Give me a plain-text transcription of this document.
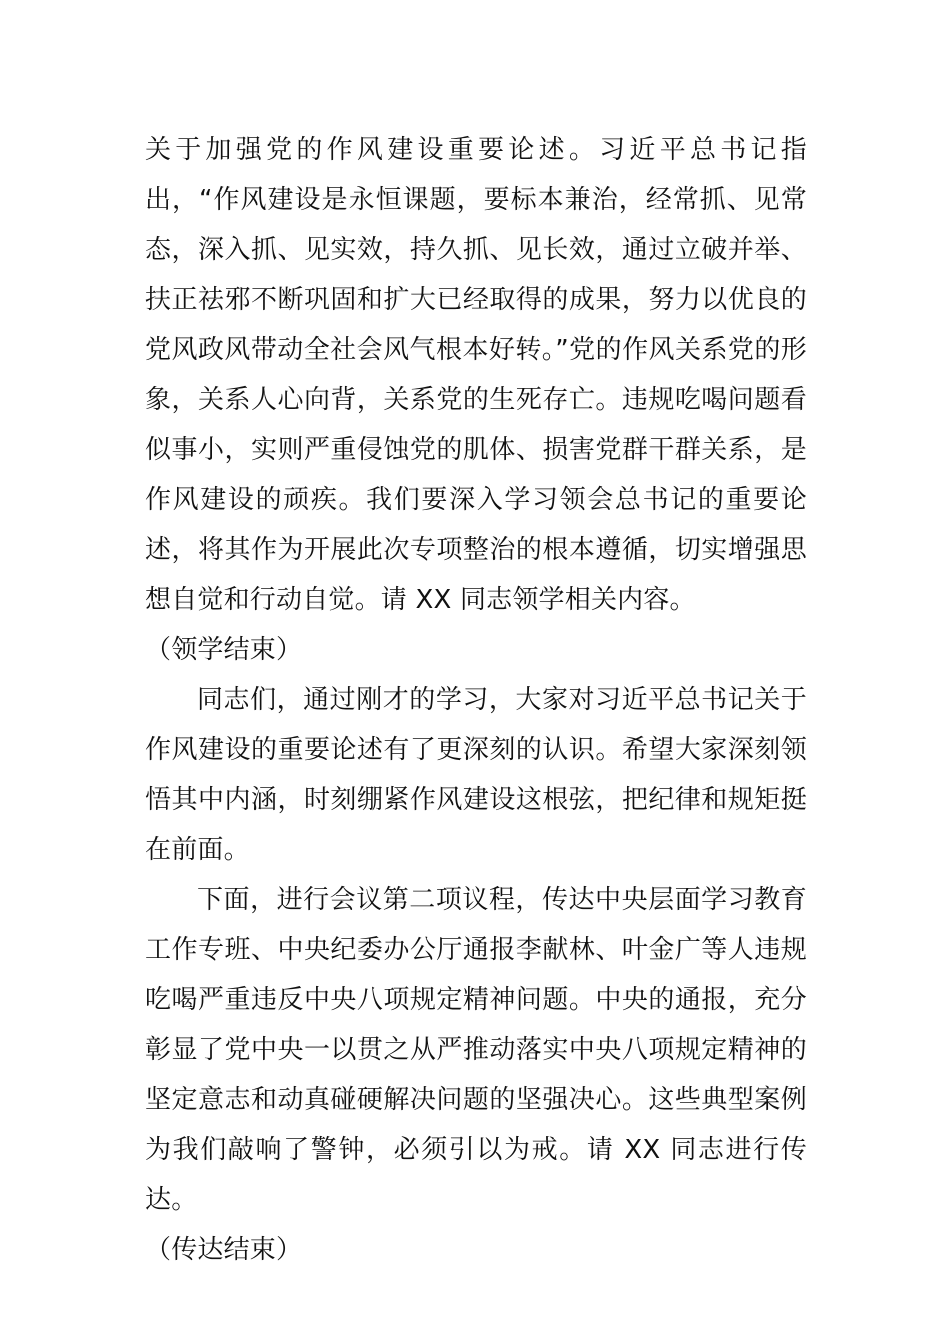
关于加强党的作风建设重要论述。习近平总书记指出，“作风建设是永恒课题，要标本兼治，经常抓、见常态，深入抓、见实效，持久抓、见长效，通过立破并举、扶正祛邪不断巩固和扩大已经取得的成果，努力以优良的党风政风带动全社会风气根本好转。”党的作风关系党的形象，关系人心向背，关系党的生死存亡。违规吃喝问题看似事小，实则严重侵蚀党的肌体、损害党群干群关系，是作风建设的顽疾。我们要深入学习领会总书记的重要论述，将其作为开展此次专项整治的根本遵循，切实增强思想自觉和行动自觉。请 XX 同志领学相关内容。

（领学结束）

同志们，通过刚才的学习，大家对习近平总书记关于作风建设的重要论述有了更深刻的认识。希望大家深刻领悟其中内涵，时刻绷紧作风建设这根弦，把纪律和规矩挺在前面。

下面，进行会议第二项议程，传达中央层面学习教育工作专班、中央纪委办公厅通报李献林、叶金广等人违规吃喝严重违反中央八项规定精神问题。中央的通报，充分彰显了党中央一以贯之从严推动落实中央八项规定精神的坚定意志和动真碰硬解决问题的坚强决心。这些典型案例为我们敲响了警钟，必须引以为戒。请 XX 同志进行传达。

（传达结束）
